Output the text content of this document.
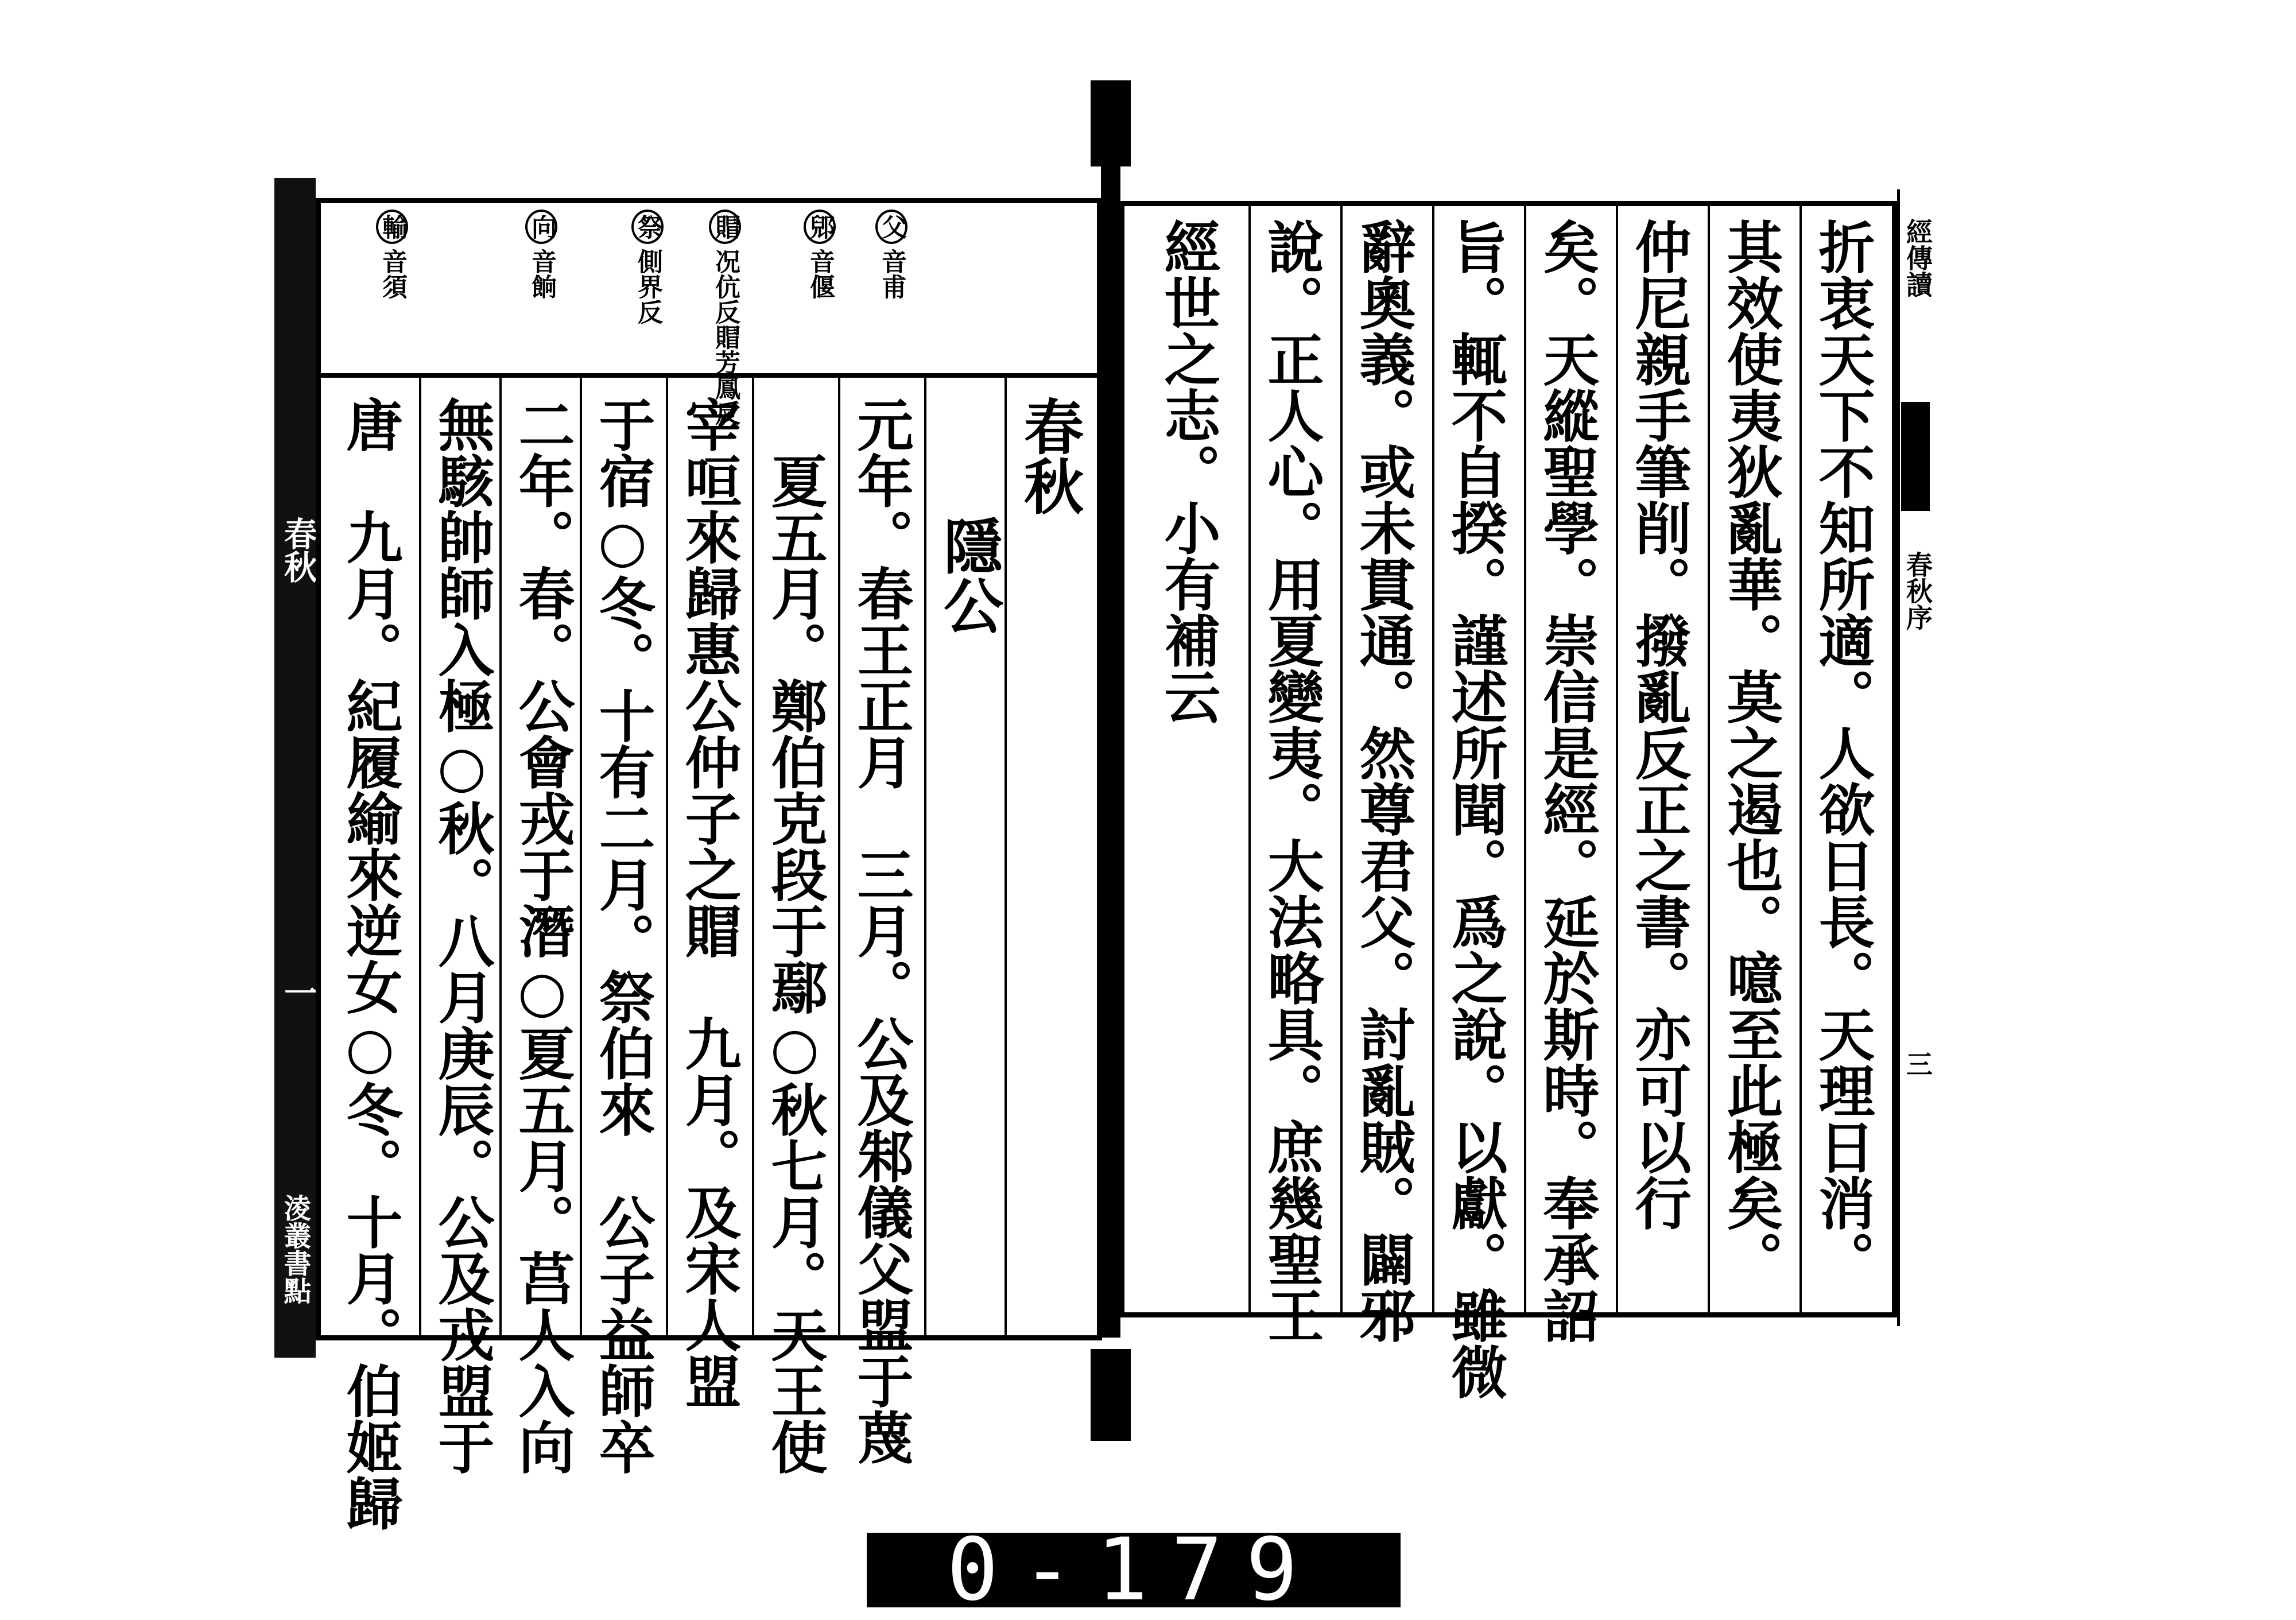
春秋
一
淩叢書點
父音甫
郳音偃
賵况伉反賵芳鳳反
祭側界反
向音餉
輸音須
春秋
　　隱公
元年。春王正月　三月。公及邾儀父盟于蔑
　夏五月。鄭伯克段于鄢○秋七月。天王使
宰咺來歸惠公仲子之賵　九月。及宋人盟
于宿○冬。十有二月。祭伯來　公子益師卒
二年。春。公會戎于潛○夏五月。莒人入向
無駭帥師入極○秋。八月庚辰。公及戎盟于
唐　九月。紀履緰來逆女○冬。十月。伯姬歸	折衷天下不知所適。人欲日長。天理日消。
其效使夷狄亂華。莫之遏也。噫至此極矣。
仲尼親手筆削。撥亂反正之書。亦可以行
矣。天縱聖學。崇信是經。延於斯時。奉承詔
旨。輒不自揆。謹述所聞。爲之說。以獻。雖微
辭奧義。或未貫通。然尊君父。討亂賊。闢邪
說。正人心。用夏變夷。大法略具。庶幾聖王
經世之志。小有補云	經傳讀
春秋序
三
0-179
